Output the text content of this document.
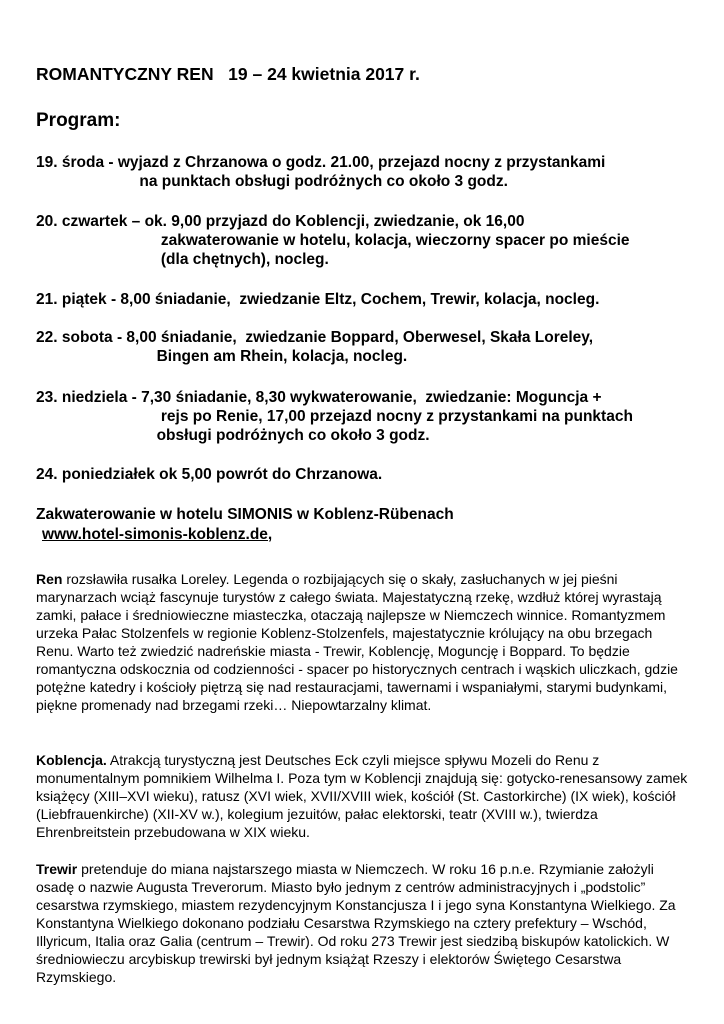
ROMANTYCZNY REN   19 – 24 kwietnia 2017 r.
Program:
19. środa - wyjazd z Chrzanowa o godz. 21.00, przejazd nocny z przystankami
na punktach obsługi podróżnych co około 3 godz.
20. czwartek – ok. 9,00 przyjazd do Koblencji, zwiedzanie, ok 16,00
zakwaterowanie w hotelu, kolacja, wieczorny spacer po mieście
(dla chętnych), nocleg.
21. piątek - 8,00 śniadanie,  zwiedzanie Eltz, Cochem, Trewir, kolacja, nocleg.
22. sobota - 8,00 śniadanie,  zwiedzanie Boppard, Oberwesel, Skała Loreley,
Bingen am Rhein, kolacja, nocleg.
23. niedziela - 7,30 śniadanie, 8,30 wykwaterowanie,  zwiedzanie: Moguncja +
rejs po Renie, 17,00 przejazd nocny z przystankami na punktach
obsługi podróżnych co około 3 godz.
24. poniedziałek ok 5,00 powrót do Chrzanowa.
Zakwaterowanie w hotelu SIMONIS w Koblenz-Rübenach
www.hotel-simonis-koblenz.de,
Ren rozsławiła rusałka Loreley. Legenda o rozbijających się o skały, zasłuchanych w jej pieśni marynarzach wciąż fascynuje turystów z całego świata. Majestatyczną rzekę, wzdłuż której wyrastają zamki, pałace i średniowieczne miasteczka, otaczają najlepsze w Niemczech winnice. Romantyzmem urzeka Pałac Stolzenfels w regionie Koblenz-Stolzenfels, majestatycznie królujący na obu brzegach Renu. Warto też zwiedzić nadreńskie miasta - Trewir, Koblencję, Moguncję i Boppard. To będzie romantyczna odskocznia od codzienności - spacer po historycznych centrach i wąskich uliczkach, gdzie potężne katedry i kościoły piętrzą się nad restauracjami, tawernami i wspaniałymi, starymi budynkami, piękne promenady nad brzegami rzeki… Niepowtarzalny klimat.
Koblencja. Atrakcją turystyczną jest Deutsches Eck czyli miejsce spływu Mozeli do Renu z monumentalnym pomnikiem Wilhelma I. Poza tym w Koblencji znajdują się: gotycko-renesansowy zamek książęcy (XIII–XVI wieku), ratusz (XVI wiek, XVII/XVIII wiek, kościół (St. Castorkirche) (IX wiek), kościół (Liebfrauenkirche) (XII-XV w.), kolegium jezuitów, pałac elektorski, teatr (XVIII w.), twierdza Ehrenbreitstein przebudowana w XIX wieku.
Trewir pretenduje do miana najstarszego miasta w Niemczech. W roku 16 p.n.e. Rzymianie założyli osadę o nazwie Augusta Treverorum. Miasto było jednym z centrów administracyjnych i „podstolic” cesarstwa rzymskiego, miastem rezydencyjnym Konstancjusza I i jego syna Konstantyna Wielkiego. Za Konstantyna Wielkiego dokonano podziału Cesarstwa Rzymskiego na cztery prefektury – Wschód, Illyricum, Italia oraz Galia (centrum – Trewir). Od roku 273 Trewir jest siedzibą biskupów katolickich. W średniowieczu arcybiskup trewirski był jednym książąt Rzeszy i elektorów Świętego Cesarstwa Rzymskiego.
